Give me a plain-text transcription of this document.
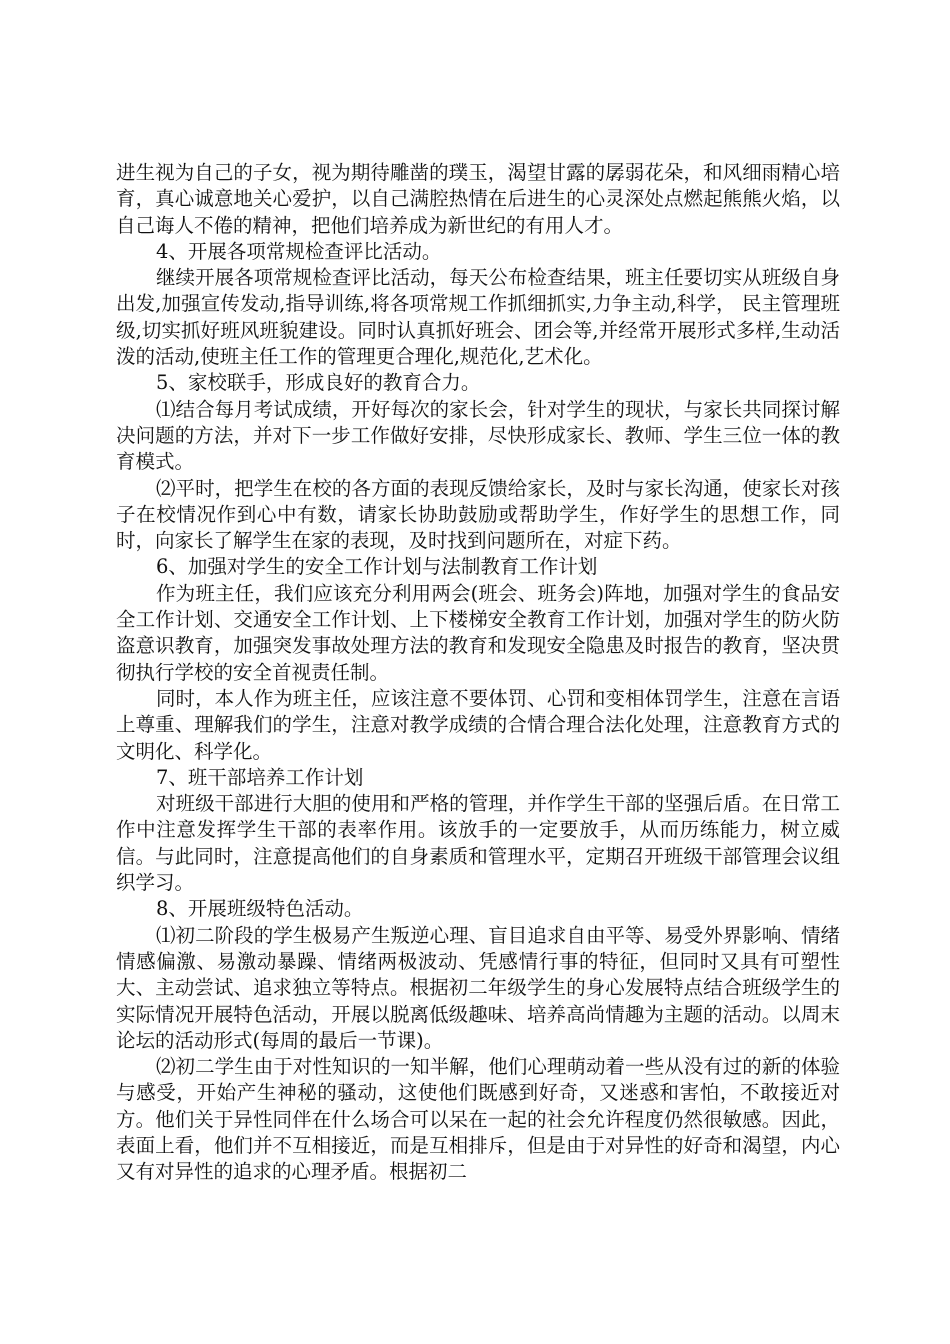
进生视为自己的子女，视为期待雕凿的璞玉，渴望甘露的孱弱花朵，和风细雨精心培育，真心诚意地关心爱护，以自己满腔热情在后进生的心灵深处点燃起熊熊火焰，以自己诲人不倦的精神，把他们培养成为新世纪的有用人才。

4、开展各项常规检查评比活动。

继续开展各项常规检查评比活动，每天公布检查结果，班主任要切实从班级自身出发,加强宣传发动,指导训练,将各项常规工作抓细抓实,力争主动,科学， 民主管理班级,切实抓好班风班貌建设。同时认真抓好班会、团会等,并经常开展形式多样,生动活泼的活动,使班主任工作的管理更合理化,规范化,艺术化。

5、家校联手，形成良好的教育合力。

⑴结合每月考试成绩，开好每次的家长会，针对学生的现状，与家长共同探讨解决问题的方法，并对下一步工作做好安排，尽快形成家长、教师、学生三位一体的教育模式。

⑵平时，把学生在校的各方面的表现反馈给家长，及时与家长沟通，使家长对孩子在校情况作到心中有数，请家长协助鼓励或帮助学生，作好学生的思想工作，同时，向家长了解学生在家的表现，及时找到问题所在，对症下药。

6、加强对学生的安全工作计划与法制教育工作计划

作为班主任，我们应该充分利用两会(班会、班务会)阵地，加强对学生的食品安全工作计划、交通安全工作计划、上下楼梯安全教育工作计划，加强对学生的防火防盗意识教育，加强突发事故处理方法的教育和发现安全隐患及时报告的教育，坚决贯彻执行学校的安全首视责任制。

同时，本人作为班主任，应该注意不要体罚、心罚和变相体罚学生，注意在言语上尊重、理解我们的学生，注意对教学成绩的合情合理合法化处理，注意教育方式的文明化、科学化。

7、班干部培养工作计划

对班级干部进行大胆的使用和严格的管理，并作学生干部的坚强后盾。在日常工作中注意发挥学生干部的表率作用。该放手的一定要放手，从而历练能力，树立威信。与此同时，注意提高他们的自身素质和管理水平，定期召开班级干部管理会议组织学习。

8、开展班级特色活动。

⑴初二阶段的学生极易产生叛逆心理、盲目追求自由平等、易受外界影响、情绪情感偏激、易激动暴躁、情绪两极波动、凭感情行事的特征，但同时又具有可塑性大、主动尝试、追求独立等特点。根据初二年级学生的身心发展特点结合班级学生的实际情况开展特色活动，开展以脱离低级趣味、培养高尚情趣为主题的活动。以周末论坛的活动形式(每周的最后一节课)。

⑵初二学生由于对性知识的一知半解，他们心理萌动着一些从没有过的新的体验与感受，开始产生神秘的骚动，这使他们既感到好奇，又迷惑和害怕，不敢接近对方。他们关于异性同伴在什么场合可以呆在一起的社会允许程度仍然很敏感。因此，表面上看，他们并不互相接近，而是互相排斥，但是由于对异性的好奇和渴望，内心又有对异性的追求的心理矛盾。根据初二
